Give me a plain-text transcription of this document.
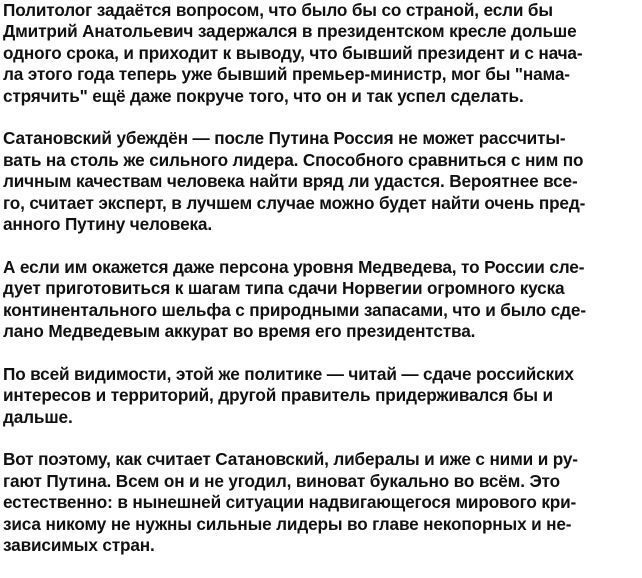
Политолог задаётся вопросом, что было бы со страной, если бы
Дмитрий Анатольевич задержался в президентском кресле дольше
одного срока, и приходит к выводу, что бывший президент и с нача-
ла этого года теперь уже бывший премьер-министр, мог бы "нама-
стрячить" ещё даже покруче того, что он и так успел сделать.

Сатановский убеждён — после Путина Россия не может рассчиты-
вать на столь же сильного лидера. Способного сравниться с ним по
личным качествам человека найти вряд ли удастся. Вероятнее все-
го, считает эксперт, в лучшем случае можно будет найти очень пред-
анного Путину человека.

А если им окажется даже персона уровня Медведева, то России сле-
дует приготовиться к шагам типа сдачи Норвегии огромного куска
континентального шельфа с природными запасами, что и было сде-
лано Медведевым аккурат во время его президентства.

По всей видимости, этой же политике — читай — сдаче российских
интересов и территорий, другой правитель придерживался бы и
дальше.

Вот поэтому, как считает Сатановский, либералы и иже с ними и ру-
гают Путина. Всем он и не угодил, виноват букально во всём. Это
естественно: в нынешней ситуации надвигающегося мирового кри-
зиса никому не нужны сильные лидеры во главе некопорных и не-
зависимых стран.
